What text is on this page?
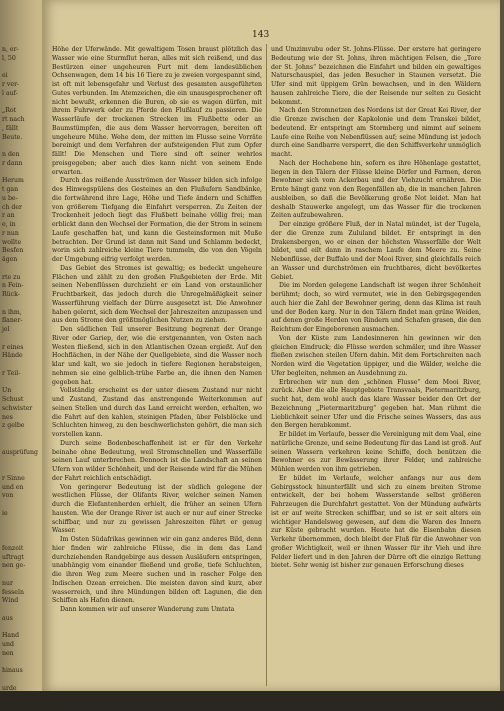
n, er-
l, 50

ei
r ver-
l auf-

„Rot
rt nach
, fällt
Beute.

n den
r dann

Herum
t gan
u be-
ch der
r an
e, in
r nun
wollte
Besfen
ägen

rte zu
n Fein-
Rück-

n ihm,
flaner-
jel

r eines
Hände

r Teil-

Un
Schust
schwister
nes
z gelbe

ausprüfung

r Sinne
und en
von

ie

fenzeit
uftragt
nen ge-

nur
fesseln
Wind

aus

Hand
und
nen

hinaus

urde
Kind

143

Höhe der Uferwände. Mit gewaltigem Tosen braust plötzlich das Wasser wie eine Sturmflut heran, alles mit sich reißend, und das Bestürzen einer ungeheuren Furt mit dem landesüblichen Ochsenwagen, dem 14 bis 16 Tiere zu je zweien vorgespannt sind, ist oft mit lebensgefahr und Verlust des gesamten ausgeführten Gutes verbunden. Im Atemzeichen, die ein unausgesprochener oft nicht bewußt, erkennen die Buren, ob sie es wagen dürfen, mit ihrem Fuhrwerk oder zu Pferde den Flußlauf zu passieren. Die Wasserläufe der trockenen Strecken im Flußbette oder an Baumstümpfen, die aus dem Wasser hervorragen, bereiten oft ungeheure Mühe. Wehe dem, der mitten im Flusse seine Vorräte bereinigt und dem Verfahren der aufsteigenden Flut zum Opfer fällt! Die Menschen und Tiere sind oft seiner wehrlos preisgegeben; aber auch dies kann nicht von seinem Ende erwarten.

Durch das reißende Ausströmen der Wasser bilden sich infolge des Hinwegspülens des Gesteines an den Flußufern Sandbänke, die fortwährend ihre Lage, Höhe und Tiefe ändern und Schiffen von größerem Tiefgang die Einfahrt versperren. Zu Zeiten der Trockenheit jedoch liegt das Flußbett beinahe völlig frei; man erblickt dann den Wechsel der Formation, die der Strom in seinem Laufe geschaffen hat, und kann die Gesteinsformen mit Muße betrachten. Der Grund ist dann mit Sand und Schlamm bedeckt, worin sich zahlreiche kleine Tiere tummeln, die von den Vögeln der Umgebung eifrig verfolgt werden.

Das Gebiet des Stromes ist gewaltig; es bedeckt ungeheure Flächen und zählt zu den großen Flußgebieten der Erde. Mit seinen Nebenflüssen durchzieht er ein Land von erstaunlicher Fruchtbarkeit, das jedoch durch die Unregelmäßigkeit seiner Wasserführung vielfach der Dürre ausgesetzt ist. Die Anwohner haben gelernt, sich dem Wechsel der Jahreszeiten anzupassen und aus dem Strome den größtmöglichen Nutzen zu ziehen.

Den südlichen Teil unserer Besitzung begrenzt der Orange River oder Gariep, der, wie die erstgenannten, von Osten nach Westen fließend, sich in den Atlantischen Ozean ergießt. Auf den Hochflächen, in der Nähe der Quellgebiete, sind die Wasser noch klar und kalt, wo sie jedoch in tiefere Regionen herabsteigen, nehmen sie eine gelblich-trübe Farbe an, die ihnen den Namen gegeben hat.

Vollständig erscheint es der unter diesem Zustand nur nicht und Zustand, Zustand das anstrengende Weiterkommen auf seinen Stellen und durch das Land erreicht werden, erhalten, wo die Fahrt auf den kahlen, steinigen Pfaden, über Felsblöcke und Schluchten hinweg, zu den beschwerlichsten gehört, die man sich vorstellen kann.

Durch seine Bodenbeschaffenheit ist er für den Verkehr beinahe ohne Bedeutung, weil Stromschnellen und Wasserfälle seinen Lauf unterbrechen. Dennoch ist die Landschaft an seinen Ufern von wilder Schönheit, und der Reisende wird für die Mühen der Fahrt reichlich entschädigt.

Von geringerer Bedeutung ist der südlich gelegene der westlichen Flüsse, der Olifants River, welcher seinen Namen durch die Elefantenherden erhielt, die früher an seinen Ufern hausten. Wie der Orange River ist auch er nur auf einer Strecke schiffbar, und nur zu gewissen Jahreszeiten führt er genug Wasser.

Im Osten Südafrikas gewinnen wir ein ganz anderes Bild, denn hier finden wir zahlreiche Flüsse, die in dem das Land durchziehenden Randgebirge aus dessen Ausläufern entspringen, unabhängig vom einander fließend und große, tiefe Schluchten, die ihren Weg zum Meere suchen und in rascher Folge den Indischen Ozean erreichen. Die meisten davon sind kurz, aber wasserreich, und ihre Mündungen bilden oft Lagunen, die den Schiffen als Hafen dienen.

Dann kommen wir auf unserer Wanderung zum Umtata

und Umzimvubu oder St. Johns-Flüsse. Der erstere hat geringere Bedeutung wie der St. Johns, ihren mächtigen Felsen, die „Tore der St. Johns“ bezeichnen die Einfahrt und bilden ein gewaltiges Naturschauspiel, das jeden Besucher in Staunen versetzt. Die Ufer sind mit üppigem Grün bewachsen, und in den Wäldern hausen zahlreiche Tiere, die der Reisende nur selten zu Gesicht bekommt.

Nach den Stromnetzen des Nordens ist der Great Kei River, der die Grenze zwischen der Kapkolonie und dem Transkei bildet, bedeutend. Er entspringt am Stormberg und nimmt auf seinem Laufe eine Reihe von Nebenflüssen auf; seine Mündung ist jedoch durch eine Sandbarre versperrt, die den Schiffsverkehr unmöglich macht.

Nach der Hochebene hin, sofern es ihre Höhenlage gestattet, liegen in den Tälern der Flüsse kleine Dörfer und Farmen, deren Bewohner sich vom Ackerbau und der Viehzucht ernähren. Die Ernte hängt ganz von den Regenfällen ab, die in manchen Jahren ausbleiben, so daß die Bevölkerung große Not leidet. Man hat deshalb Stauwerke angelegt, um das Wasser für die trockenen Zeiten aufzubewahren.

Der einzige größere Fluß, der in Natal mündet, ist der Tugela, der die Grenze zum Zululand bildet. Er entspringt in den Drakensbergen, wo er einen der höchsten Wasserfälle der Welt bildet, und eilt dann in raschem Laufe dem Meere zu. Seine Nebenflüsse, der Buffalo und der Mooi River, sind gleichfalls reich an Wasser und durchströmen ein fruchtbares, dicht bevölkertes Gebiet.

Die im Norden gelegene Landschaft ist wegen ihrer Schönheit berühmt; doch, so wird vermutet, wie in den Gebirgsgegenden auch hier die Zahl der Bewohner gering, denn das Klima ist rauh und der Boden karg. Nur in den Tälern findet man grüne Weiden, auf denen große Herden von Rindern und Schafen grasen, die den Reichtum der Eingeborenen ausmachen.

Von der Küste zum Landesinneren hin gewinnen wir den gleichen Eindruck; die Flüsse werden schmäler, und ihre Wasser fließen zwischen steilen Ufern dahin. Mit dem Fortschreiten nach Norden wird die Vegetation üppiger, und die Wälder, welche die Ufer begleiten, nehmen an Ausdehnung zu.

Erbrechen wir nun den „schönen Flusse“ dem Mooi River, zurück. Aber die alle Hauptgebiete Transvaals, Pietermaritzburg, sucht hat, dem wohl auch das klare Wasser beider den Ort der Bezeichnung „Pietermaritzburg“ gegeben hat. Man rühmt die Lieblichkeit seiner Ufer und die Frische seines Wassers, das aus den Bergen herabkommt.

Er bildet im Verlaufe, besser die Vereinigung mit dem Vaal, eine natürliche Grenze, und seine Bedeutung für das Land ist groß. Auf seinen Wassern verkehren keine Schiffe, doch benützen die Bewohner es zur Bewässerung ihrer Felder, und zahlreiche Mühlen werden von ihm getrieben.

Er bildet im Verlaufe, welcher anfangs nur aus dem Gebirgsstock hinunterfällt und sich zu einem breiten Strome entwickelt, der bei hohem Wasserstande selbst größeren Fahrzeugen die Durchfahrt gestattet. Von der Mündung aufwärts ist er auf weite Strecken schiffbar, und so ist er seit alters ein wichtiger Handelsweg gewesen, auf dem die Waren des Innern zur Küste gebracht wurden. Heute hat die Eisenbahn diesen Verkehr übernommen, doch bleibt der Fluß für die Anwohner von großer Wichtigkeit, weil er ihnen Wasser für ihr Vieh und ihre Felder liefert und in den Jahren der Dürre oft die einzige Rettung bietet. Sehr wenig ist bisher zur genauen Erforschung dieses
